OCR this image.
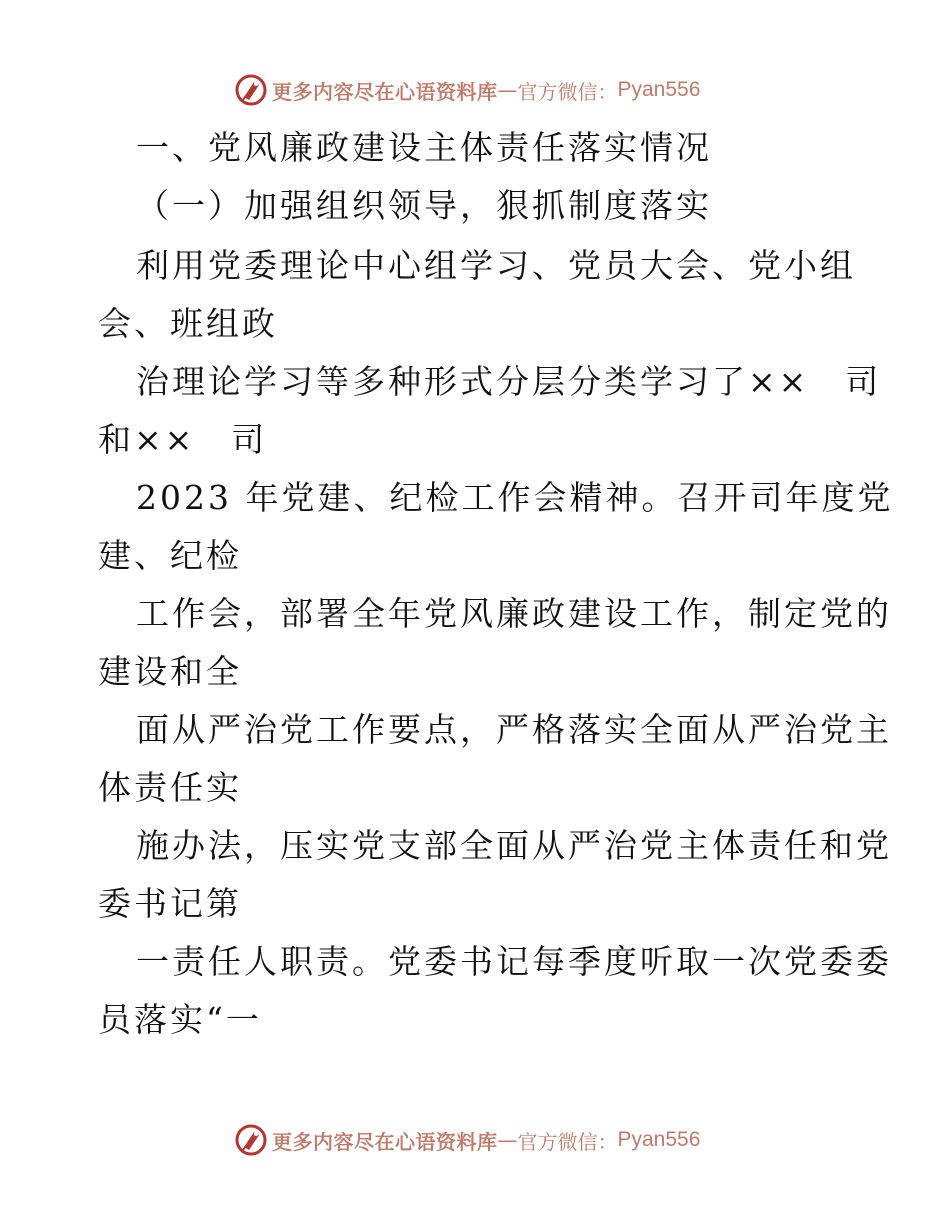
更多内容尽在心语资料库 — 官方微信： Pyan556
一、党风廉政建设主体责任落实情况
（一）加强组织领导，狠抓制度落实
利用党委理论中心组学习、党员大会、党小组
会、班组政
治理论学习等多种形式分层分类学习了××　司
和××　司
2023 年党建、纪检工作会精神。召开司年度党
建、纪检
工作会，部署全年党风廉政建设工作，制定党的
建设和全
面从严治党工作要点，严格落实全面从严治党主
体责任实
施办法，压实党支部全面从严治党主体责任和党
委书记第
一责任人职责。党委书记每季度听取一次党委委
员落实“一
更多内容尽在心语资料库 — 官方微信： Pyan556
